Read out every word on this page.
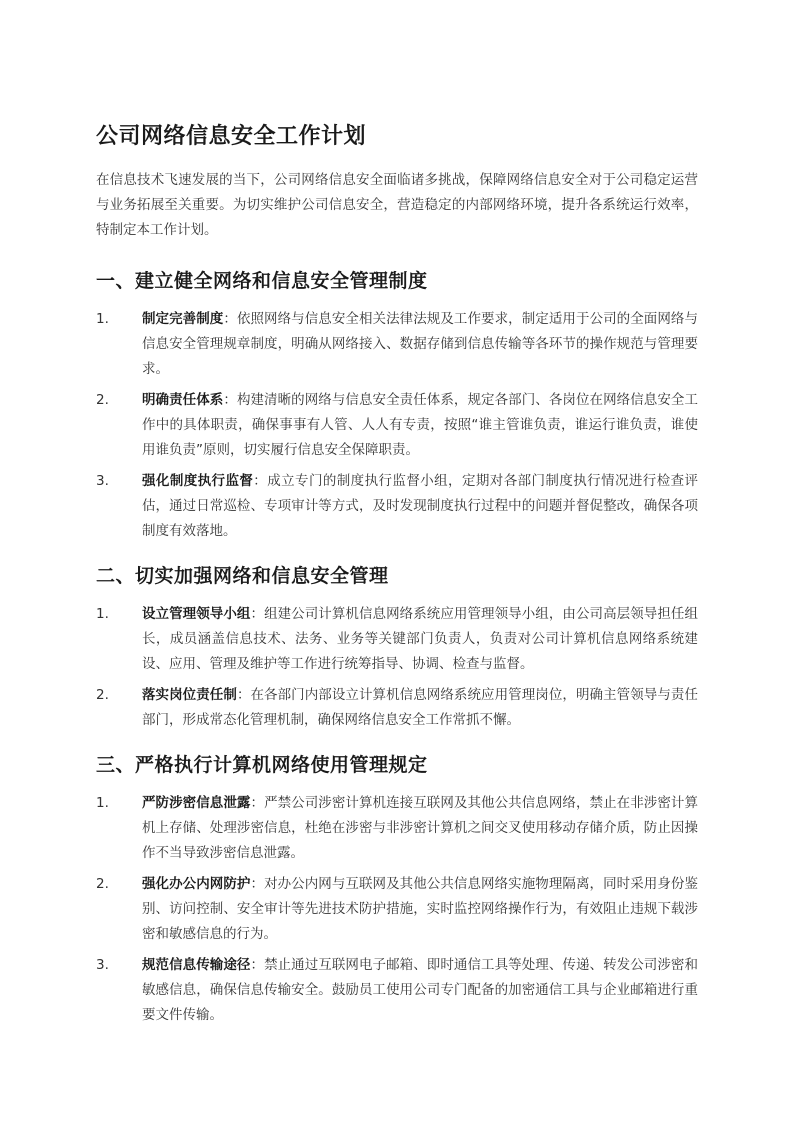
公司网络信息安全工作计划

在信息技术飞速发展的当下，公司网络信息安全面临诸多挑战，保障网络信息安全对于公司稳定运营与业务拓展至关重要。为切实维护公司信息安全，营造稳定的内部网络环境，提升各系统运行效率，特制定本工作计划。

一、建立健全网络和信息安全管理制度
1.	制定完善制度：依照网络与信息安全相关法律法规及工作要求，制定适用于公司的全面网络与信息安全管理规章制度，明确从网络接入、数据存储到信息传输等各环节的操作规范与管理要求。
2.	明确责任体系：构建清晰的网络与信息安全责任体系，规定各部门、各岗位在网络信息安全工作中的具体职责，确保事事有人管、人人有专责，按照“谁主管谁负责，谁运行谁负责，谁使用谁负责”原则，切实履行信息安全保障职责。
3.	强化制度执行监督：成立专门的制度执行监督小组，定期对各部门制度执行情况进行检查评估，通过日常巡检、专项审计等方式，及时发现制度执行过程中的问题并督促整改，确保各项制度有效落地。
二、切实加强网络和信息安全管理
1.	设立管理领导小组：组建公司计算机信息网络系统应用管理领导小组，由公司高层领导担任组长，成员涵盖信息技术、法务、业务等关键部门负责人，负责对公司计算机信息网络系统建设、应用、管理及维护等工作进行统筹指导、协调、检查与监督。
2.	落实岗位责任制：在各部门内部设立计算机信息网络系统应用管理岗位，明确主管领导与责任部门，形成常态化管理机制，确保网络信息安全工作常抓不懈。
三、严格执行计算机网络使用管理规定
1.	严防涉密信息泄露：严禁公司涉密计算机连接互联网及其他公共信息网络，禁止在非涉密计算机上存储、处理涉密信息，杜绝在涉密与非涉密计算机之间交叉使用移动存储介质，防止因操作不当导致涉密信息泄露。
2.	强化办公内网防护：对办公内网与互联网及其他公共信息网络实施物理隔离，同时采用身份鉴别、访问控制、安全审计等先进技术防护措施，实时监控网络操作行为，有效阻止违规下载涉密和敏感信息的行为。
3.	规范信息传输途径：禁止通过互联网电子邮箱、即时通信工具等处理、传递、转发公司涉密和敏感信息，确保信息传输安全。鼓励员工使用公司专门配备的加密通信工具与企业邮箱进行重要文件传输。
